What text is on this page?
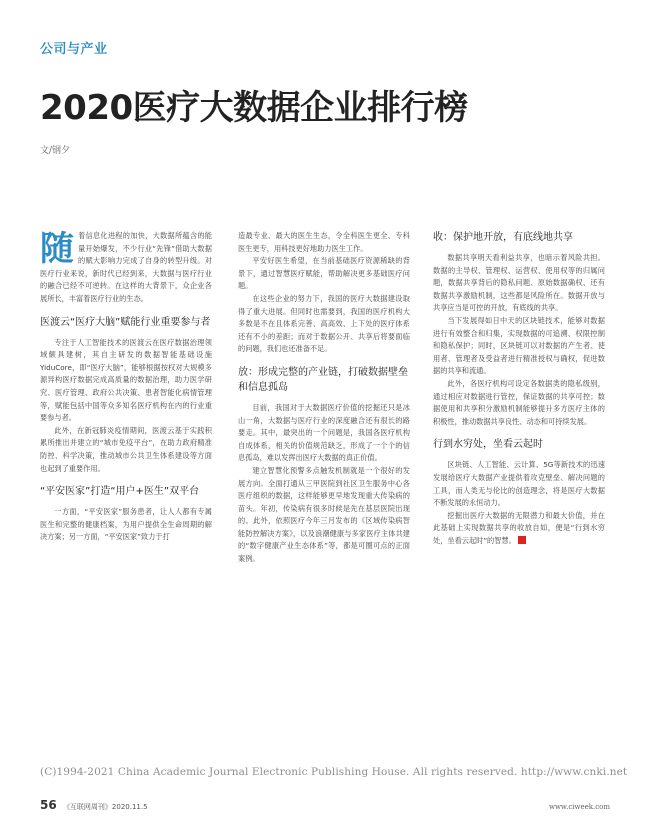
公司与产业
2020医疗大数据企业排行榜
文/钢夕

随着信息化进程的加快，大数据所蕴含的能量开始爆发，不少行业“先锋”借助大数据的赋大影响力完成了自身的转型升级。对医疗行业来说，新时代已经到来，大数据与医疗行业的融合已经不可逆转。在这样的大背景下，众企业各展所长，丰富着医疗行业的生态。

医渡云“医疗大脑”赋能行业重要参与者

专注于人工智能技术的医渡云在医疗数据治理领域颇具建树，其自主研发的数据智能基础设施YiduCore，即“医疗大脑”，能够根据按权对大规模多源异构医疗数据完成高质量的数据治理，助力医学研究、医疗管理、政府公共决策、患者智能化病情管理等，赋能包括中国等众多知名医疗机构在内的行业重要参与者。

此外，在新冠肺炎疫情期间，医渡云基于实践积累所推出并建立的“城市免疫平台”，在助力政府精准防控、科学决策，推动城市公共卫生体系建设等方面也起到了重要作用。

“平安医家”打造“用户+医生”双平台

一方面，“平安医家”服务患者，让人人都有专属医生和完整的健康档案，为用户提供全生命周期的解决方案；另一方面，“平安医家”致力于打

造最专业、最大的医生生态，令全科医生更全、专科医生更专，用科技更好地助力医生工作。

平安好医生希望，在当前基础医疗资源稀缺的背景下，通过智慧医疗赋能，帮助解决更多基础医疗问题。

在这些企业的努力下，我国的医疗大数据建设取得了重大进展。但同时也需要到，我国的医疗机构大多数是不在且体系完善、高高效、上下处的医疗体系还有不小的差距；而对于数据公开、共享后将要面临的问题，我们也还准备不足。

放：形成完整的产业链，打破数据壁垒和信息孤岛

目前，我国对于大数据医疗价值的挖掘还只是冰山一角，大数据与医疗行业的深度融合还有很长的路要走。其中，最突出的一个问题是，我国各医疗机构自成体系，相关的价值规范缺乏，形成了一个个的信息孤岛，难以发挥出医疗大数据的真正价值。

建立智慧化预警多点触发机制就是一个很好的发展方向。全面打通从三甲医院到社区卫生服务中心各医疗组织的数据，这样能够更早地发现重大传染病的苗头。年初，传染病有很多时候是先在基层医院出现的。此外，依照医疗今年三月发布的《区域传染病智能防控解决方案》，以及浪潮健康与多家医疗主体共建的“数字健康产业生态体系”等，都是可圈可点的正面案例。

收：保护地开放，有底线地共享

数据共享明天看利益共享，也暗示着风险共担。数据的主导权、管理权、运营权、使用权等的归属问题，数据共享背后的隐私问题、原始数据确权、还有数据共享激励机制，这些都是风险所在。数据开放与共享应当是可控的开放，有底线的共享。

当下发展得如日中天的区块链技术，能够对数据进行有效整合和归集，实现数据的可追溯、权限控制和隐私保护；同时，区块链可以对数据的产生者、使用者、管理者及受益者进行精准授权与确权，促进数据的共享和流通。

此外，各医疗机构可设定各数据类的隐私级别，通过相应对数据进行管控，保证数据的共享可控；数据使用和共享积分激励机制能够提升多方医疗主体的积极性，推动数据共享良性、动态和可持续发展。

行到水穷处，坐看云起时

区块链、人工智能、云计算、5G等新技术的迅速发展给医疗大数据产业提供着攻克壁垒、解决问题的工具，而人类无与伦比的创造理念，将是医疗大数据不断发展的永恒动力。

挖掘出医疗大数据的无限潜力和最大价值，并在此基础上实现数据共享的收放自如，便是“行到水穷处，坐看云起时”的智慧。

(C)1994-2021 China Academic Journal Electronic Publishing House. All rights reserved. http://www.cnki.net
56 《互联网周刊》2020.11.5	www.ciweek.com
